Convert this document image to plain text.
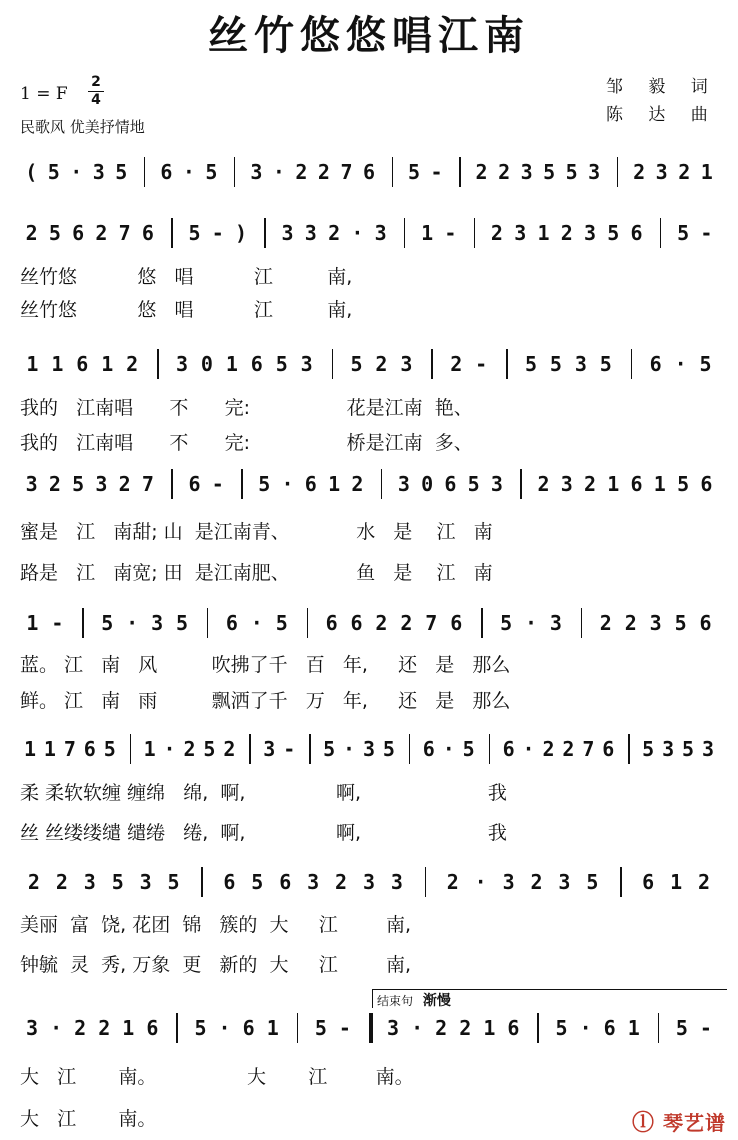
丝竹悠悠唱江南
1 = F
2
4
民歌风 优美抒情地
邹 毅 词
陈 达 曲
( 5 · 3 5 6 · 5 3 · 2 2 7 6 5 - 2 2 3 5 5 3 2 3 2 1
2 5 6 2 7 6 5 - ) 3 3 2 · 3 1 - 2 3 1 2 3 5 6 5 -
丝竹悠          悠   唱          江         南,
丝竹悠          悠   唱          江         南,
1 1 6 1 2 3 0 1 6 5 3 5 2 3 2 - 5 5 3 5 6 · 5
我的   江南唱      不      完:                花是江南  艳、
我的   江南唱      不      完:                桥是江南  多、
3 2 5 3 2 7 6 - 5 · 6 1 2 3 0 6 5 3 2 3 2 1 6 1 5 6
蜜是   江   南甜; 山  是江南青、           水   是    江   南
路是   江   南宽; 田  是江南肥、           鱼   是    江   南
1 - 5 · 3 5 6 · 5 6 6 2 2 7 6 5 · 3 2 2 3 5 6
蓝。 江   南   风         吹拂了千   百   年,     还   是   那么
鲜。 江   南   雨         飘洒了千   万   年,     还   是   那么
1 1 7 6 5 1 · 2 5 2 3 - 5 · 3 5 6 · 5 6 · 2 2 7 6 5 3 5 3
柔 柔软软缠 缠绵   绵,  啊,               啊,                     我
丝 丝缕缕缱 缱绻   绻,  啊,               啊,                     我
2 2 3 5 3 5 6 5 6 3 2 3 3 2 · 3 2 3 5 6 1 2
美丽  富  饶, 花团  锦   簇的  大     江        南,
钟毓  灵  秀, 万象  更   新的  大     江        南,
3 · 2 2 1 6 5 · 6 1 5 - 3 · 2 2 1 6 5 · 6 1 5 -
大   江       南。               大       江        南。
大   江       南。
结束句 渐慢
ⓛ 琴艺谱
